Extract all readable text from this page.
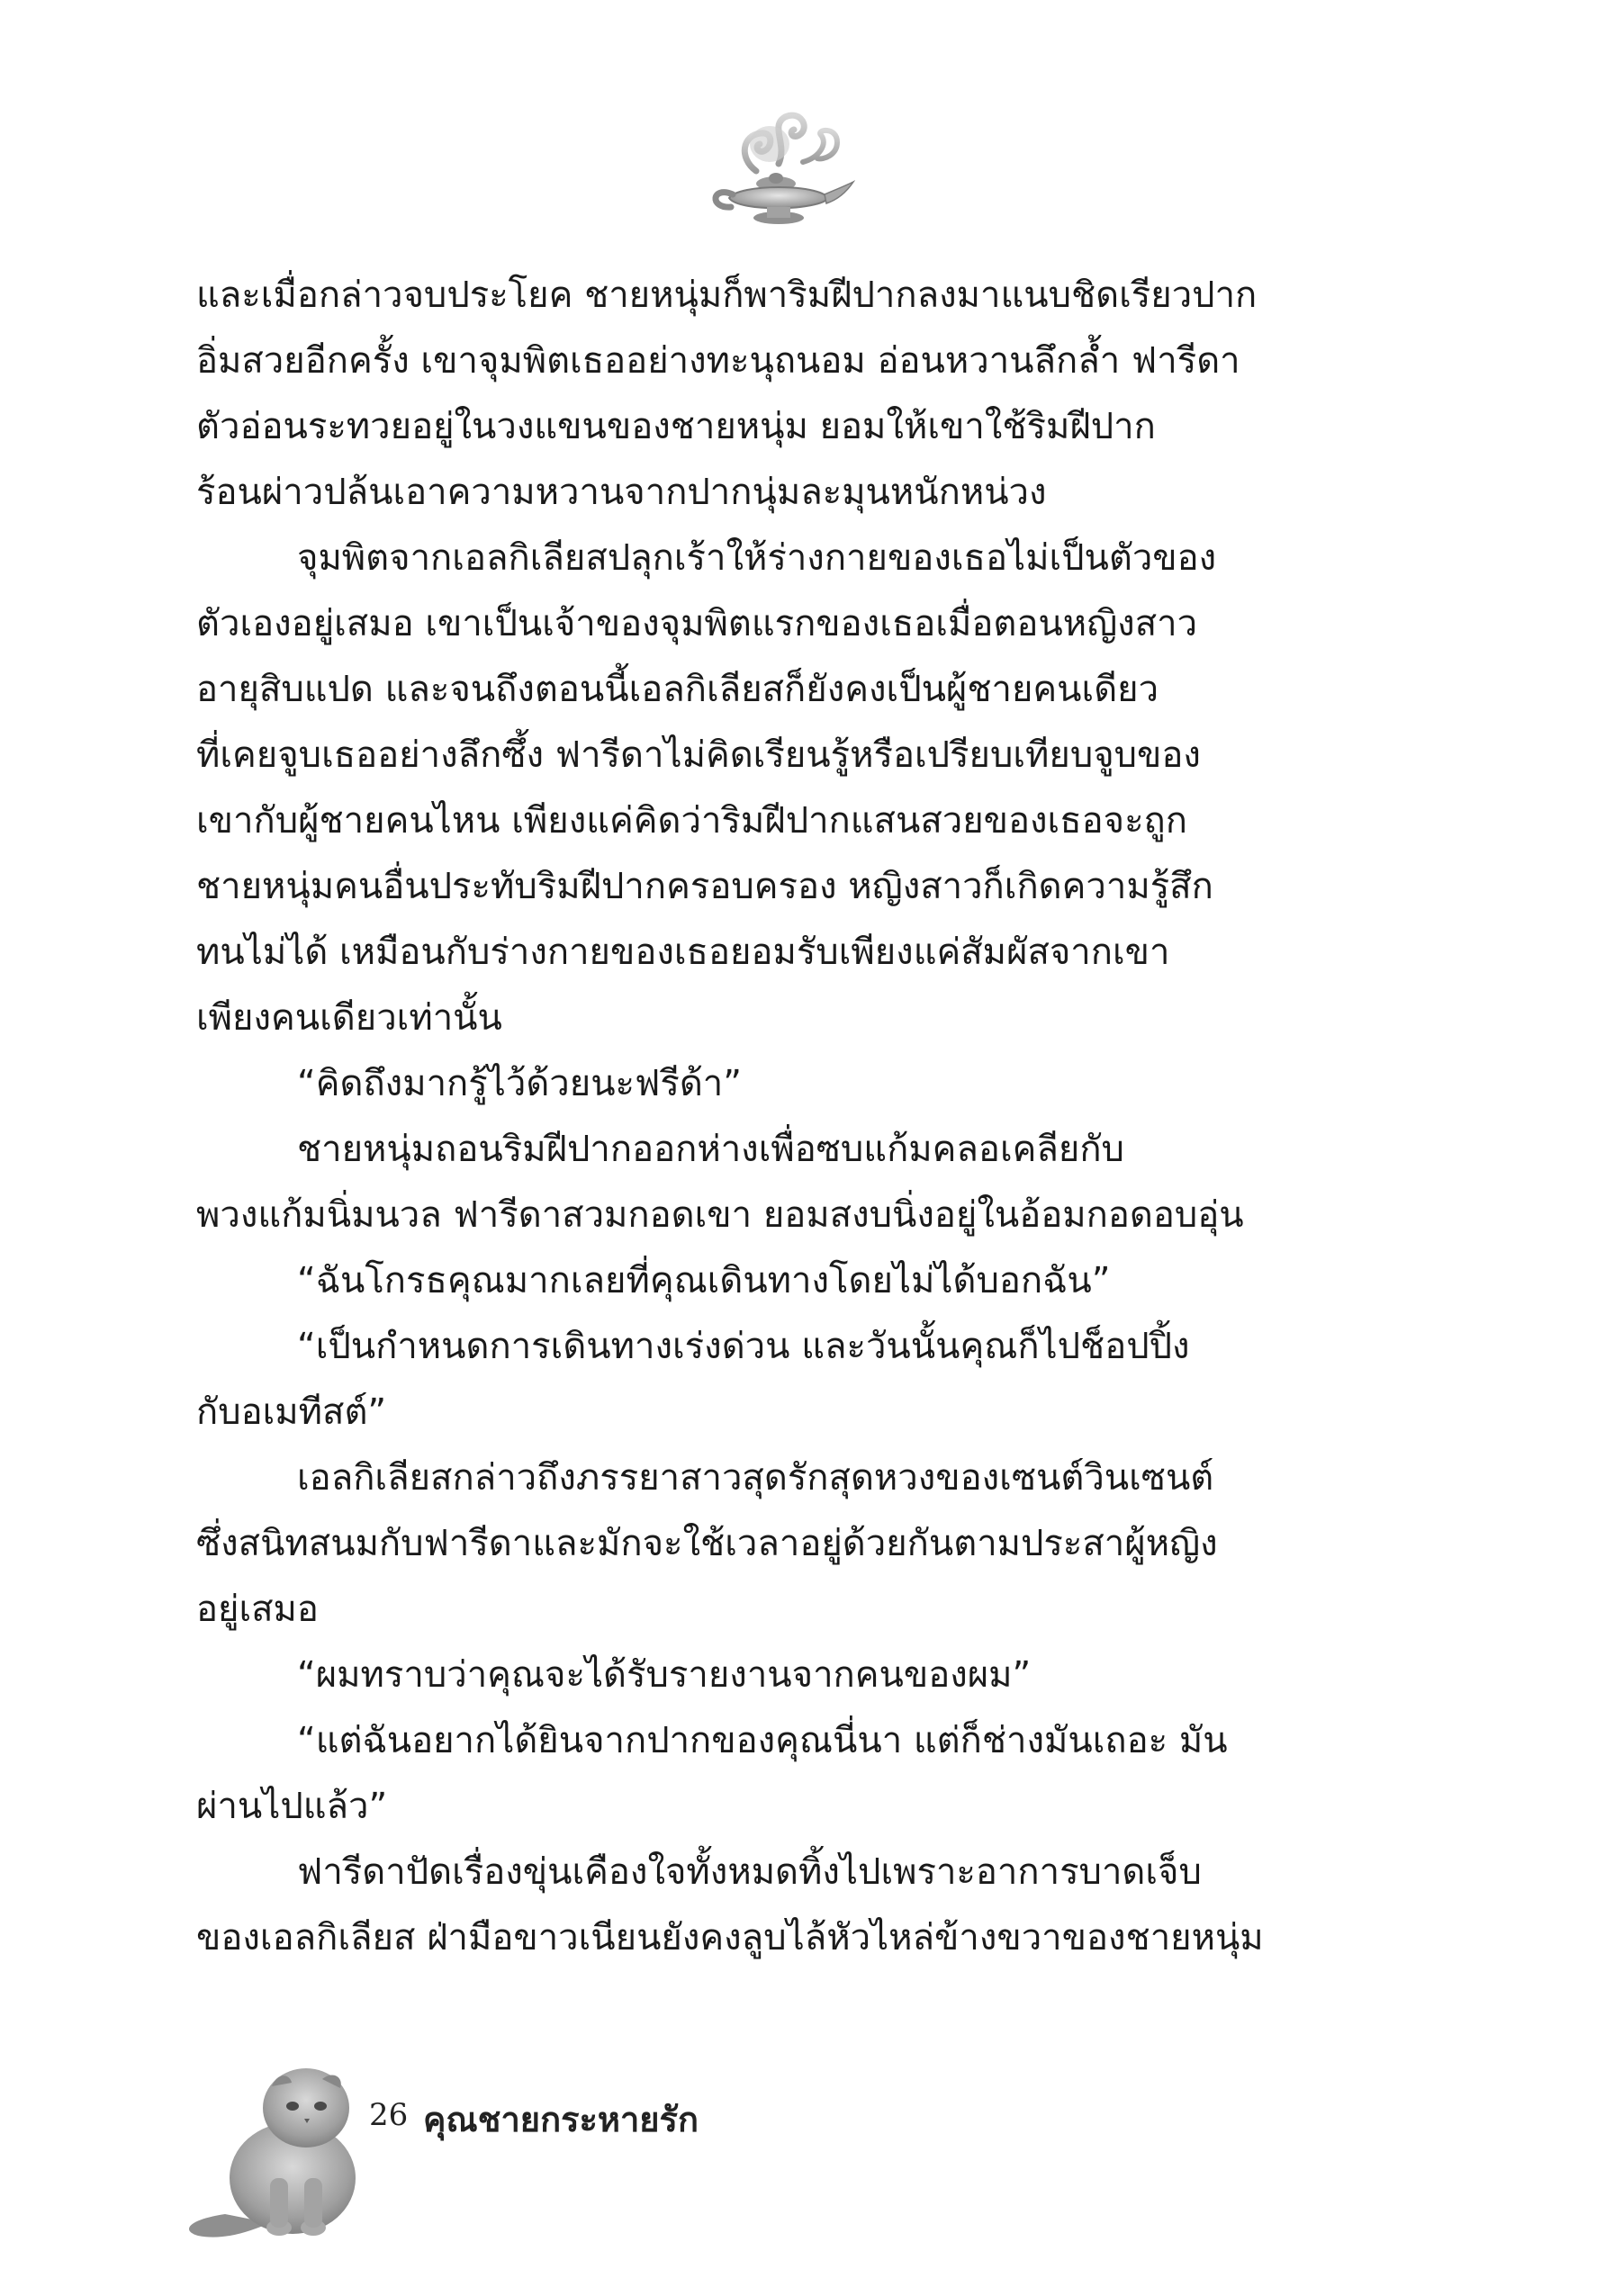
และเมื่อกล่าวจบประโยค ชายหนุ่มก็พาริมฝีปากลงมาแนบชิดเรียวปาก
อิ่มสวยอีกครั้ง เขาจุมพิตเธออย่างทะนุถนอม อ่อนหวานลึกล้ำ ฟารีดา
ตัวอ่อนระทวยอยู่ในวงแขนของชายหนุ่ม ยอมให้เขาใช้ริมฝีปาก
ร้อนผ่าวปล้นเอาความหวานจากปากนุ่มละมุนหนักหน่วง
จุมพิตจากเอลกิเลียสปลุกเร้าให้ร่างกายของเธอไม่เป็นตัวของ
ตัวเองอยู่เสมอ เขาเป็นเจ้าของจุมพิตแรกของเธอเมื่อตอนหญิงสาว
อายุสิบแปด และจนถึงตอนนี้เอลกิเลียสก็ยังคงเป็นผู้ชายคนเดียว
ที่เคยจูบเธออย่างลึกซึ้ง ฟารีดาไม่คิดเรียนรู้หรือเปรียบเทียบจูบของ
เขากับผู้ชายคนไหน เพียงแค่คิดว่าริมฝีปากแสนสวยของเธอจะถูก
ชายหนุ่มคนอื่นประทับริมฝีปากครอบครอง หญิงสาวก็เกิดความรู้สึก
ทนไม่ได้ เหมือนกับร่างกายของเธอยอมรับเพียงแค่สัมผัสจากเขา
เพียงคนเดียวเท่านั้น
“คิดถึงมากรู้ไว้ด้วยนะฟรีด้า”
ชายหนุ่มถอนริมฝีปากออกห่างเพื่อซบแก้มคลอเคลียกับ
พวงแก้มนิ่มนวล ฟารีดาสวมกอดเขา ยอมสงบนิ่งอยู่ในอ้อมกอดอบอุ่น
“ฉันโกรธคุณมากเลยที่คุณเดินทางโดยไม่ได้บอกฉัน”
“เป็นกำหนดการเดินทางเร่งด่วน และวันนั้นคุณก็ไปช็อปปิ้ง
กับอเมทีสต์”
เอลกิเลียสกล่าวถึงภรรยาสาวสุดรักสุดหวงของเซนต์วินเซนต์
ซึ่งสนิทสนมกับฟารีดาและมักจะใช้เวลาอยู่ด้วยกันตามประสาผู้หญิง
อยู่เสมอ
“ผมทราบว่าคุณจะได้รับรายงานจากคนของผม”
“แต่ฉันอยากได้ยินจากปากของคุณนี่นา แต่ก็ช่างมันเถอะ มัน
ผ่านไปแล้ว”
ฟารีดาปัดเรื่องขุ่นเคืองใจทั้งหมดทิ้งไปเพราะอาการบาดเจ็บ
ของเอลกิเลียส ฝ่ามือขาวเนียนยังคงลูบไล้หัวไหล่ข้างขวาของชายหนุ่ม
26 คุณชายกระหายรัก
